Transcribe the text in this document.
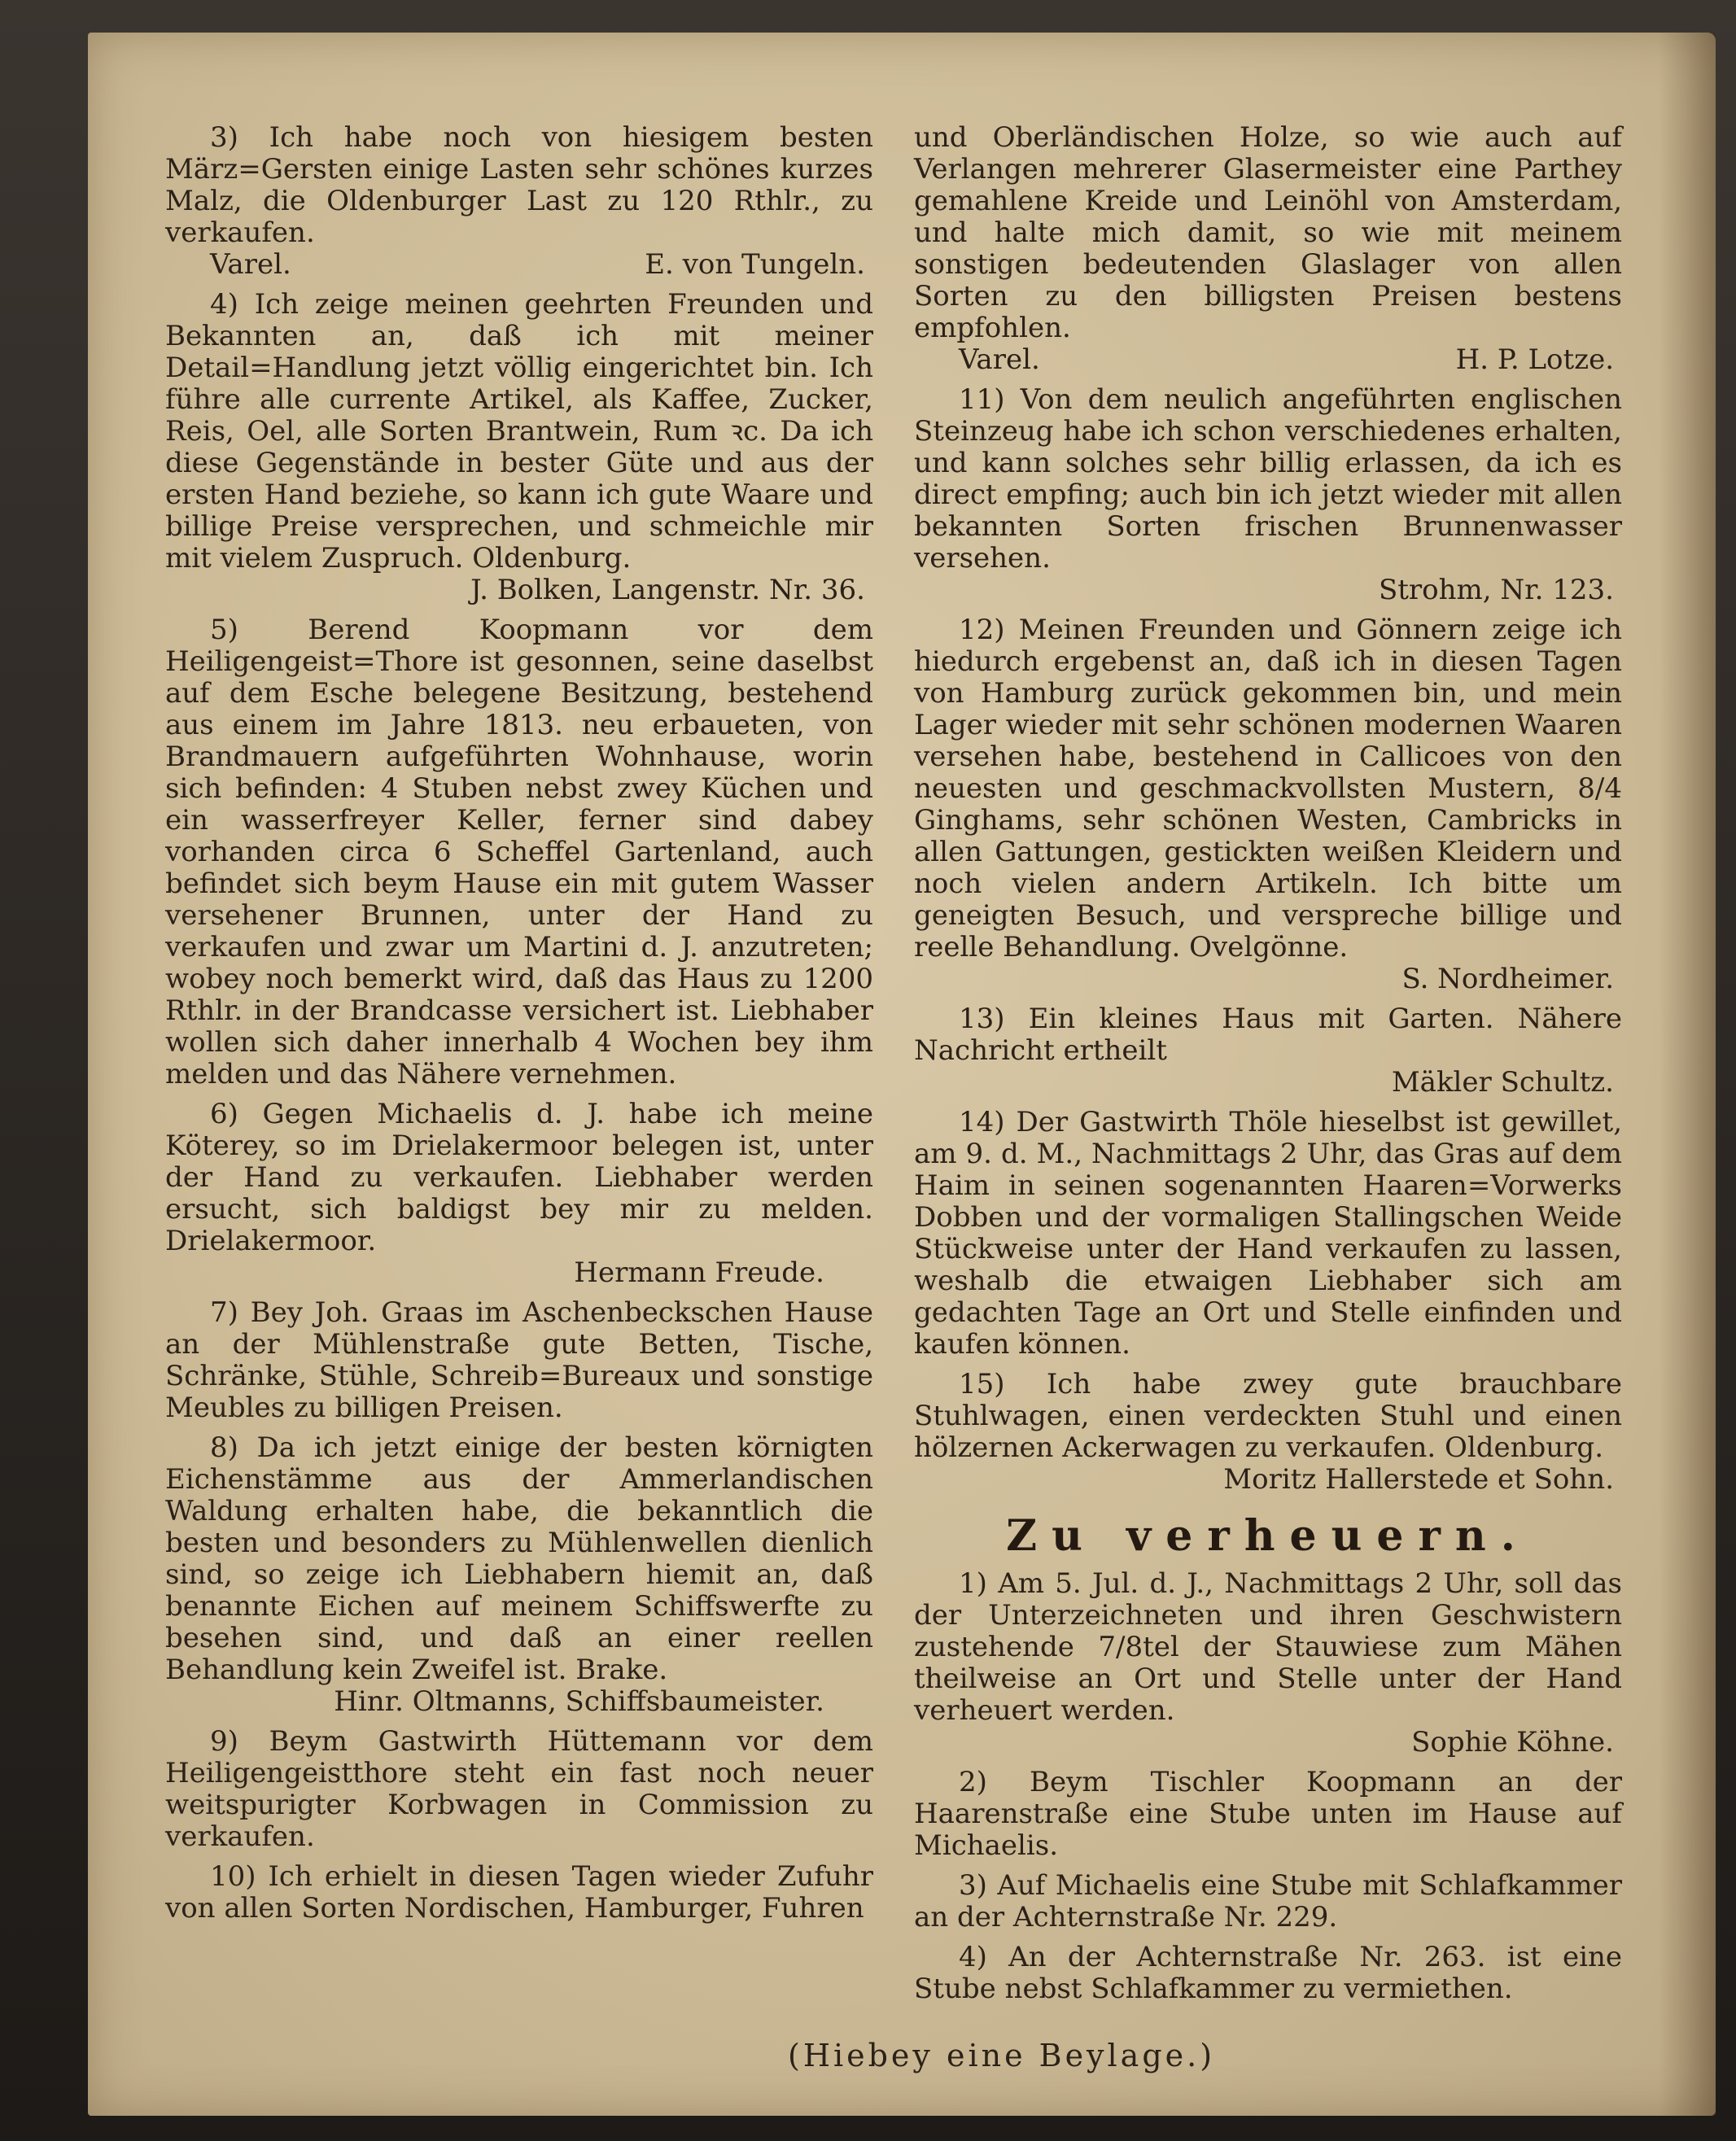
3) Ich habe noch von hiesigem besten März=Gersten einige Lasten sehr schönes kurzes Malz, die Oldenburger Last zu 120 Rthlr., zu verkaufen.

Varel.	E. von Tungeln.

4) Ich zeige meinen geehrten Freunden und Bekannten an, daß ich mit meiner Detail=Handlung jetzt völlig eingerichtet bin. Ich führe alle currente Artikel, als Kaffee, Zucker, Reis, Oel, alle Sorten Brantwein, Rum ꝛc. Da ich diese Gegenstände in bester Güte und aus der ersten Hand beziehe, so kann ich gute Waare und billige Preise versprechen, und schmeichle mir mit vielem Zuspruch. Oldenburg.

J. Bolken, Langenstr. Nr. 36.

5) Berend Koopmann vor dem Heiligengeist=Thore ist gesonnen, seine daselbst auf dem Esche belegene Besitzung, bestehend aus einem im Jahre 1813. neu erbaueten, von Brandmauern aufgeführten Wohnhause, worin sich befinden: 4 Stuben nebst zwey Küchen und ein wasserfreyer Keller, ferner sind dabey vorhanden circa 6 Scheffel Gartenland, auch befindet sich beym Hause ein mit gutem Wasser versehener Brunnen, unter der Hand zu verkaufen und zwar um Martini d. J. anzutreten; wobey noch bemerkt wird, daß das Haus zu 1200 Rthlr. in der Brandcasse versichert ist. Liebhaber wollen sich daher innerhalb 4 Wochen bey ihm melden und das Nähere vernehmen.

6) Gegen Michaelis d. J. habe ich meine Köterey, so im Drielakermoor belegen ist, unter der Hand zu verkaufen. Liebhaber werden ersucht, sich baldigst bey mir zu melden. Drielakermoor.

Hermann Freude.

7) Bey Joh. Graas im Aschenbeckschen Hause an der Mühlenstraße gute Betten, Tische, Schränke, Stühle, Schreib=Bureaux und sonstige Meubles zu billigen Preisen.

8) Da ich jetzt einige der besten körnigten Eichenstämme aus der Ammerlandischen Waldung erhalten habe, die bekanntlich die besten und besonders zu Mühlenwellen dienlich sind, so zeige ich Liebhabern hiemit an, daß benannte Eichen auf meinem Schiffswerfte zu besehen sind, und daß an einer reellen Behandlung kein Zweifel ist. Brake.

Hinr. Oltmanns, Schiffsbaumeister.

9) Beym Gastwirth Hüttemann vor dem Heiligengeistthore steht ein fast noch neuer weitspurigter Korbwagen in Commission zu verkaufen.

10) Ich erhielt in diesen Tagen wieder Zufuhr von allen Sorten Nordischen, Hamburger, Fuhren

und Oberländischen Holze, so wie auch auf Verlangen mehrerer Glasermeister eine Parthey gemahlene Kreide und Leinöhl von Amsterdam, und halte mich damit, so wie mit meinem sonstigen bedeutenden Glaslager von allen Sorten zu den billigsten Preisen bestens empfohlen.

Varel.	H. P. Lotze.

11) Von dem neulich angeführten englischen Steinzeug habe ich schon verschiedenes erhalten, und kann solches sehr billig erlassen, da ich es direct empfing; auch bin ich jetzt wieder mit allen bekannten Sorten frischen Brunnenwasser versehen.

Strohm, Nr. 123.

12) Meinen Freunden und Gönnern zeige ich hiedurch ergebenst an, daß ich in diesen Tagen von Hamburg zurück gekommen bin, und mein Lager wieder mit sehr schönen modernen Waaren versehen habe, bestehend in Callicoes von den neuesten und geschmackvollsten Mustern, 8/4 Ginghams, sehr schönen Westen, Cambricks in allen Gattungen, gestickten weißen Kleidern und noch vielen andern Artikeln. Ich bitte um geneigten Besuch, und verspreche billige und reelle Behandlung. Ovelgönne.

S. Nordheimer.

13) Ein kleines Haus mit Garten. Nähere Nachricht ertheilt

Mäkler Schultz.

14) Der Gastwirth Thöle hieselbst ist gewillet, am 9. d. M., Nachmittags 2 Uhr, das Gras auf dem Haim in seinen sogenannten Haaren=Vorwerks Dobben und der vormaligen Stallingschen Weide Stückweise unter der Hand verkaufen zu lassen, weshalb die etwaigen Liebhaber sich am gedachten Tage an Ort und Stelle einfinden und kaufen können.

15) Ich habe zwey gute brauchbare Stuhlwagen, einen verdeckten Stuhl und einen hölzernen Ackerwagen zu verkaufen. Oldenburg.

Moritz Hallerstede et Sohn.
Zu verheuern.

1) Am 5. Jul. d. J., Nachmittags 2 Uhr, soll das der Unterzeichneten und ihren Geschwistern zustehende 7/8tel der Stauwiese zum Mähen theilweise an Ort und Stelle unter der Hand verheuert werden.

Sophie Köhne.

2) Beym Tischler Koopmann an der Haarenstraße eine Stube unten im Hause auf Michaelis.

3) Auf Michaelis eine Stube mit Schlafkammer an der Achternstraße Nr. 229.

4) An der Achternstraße Nr. 263. ist eine Stube nebst Schlafkammer zu vermiethen.

(Hiebey eine Beylage.)
